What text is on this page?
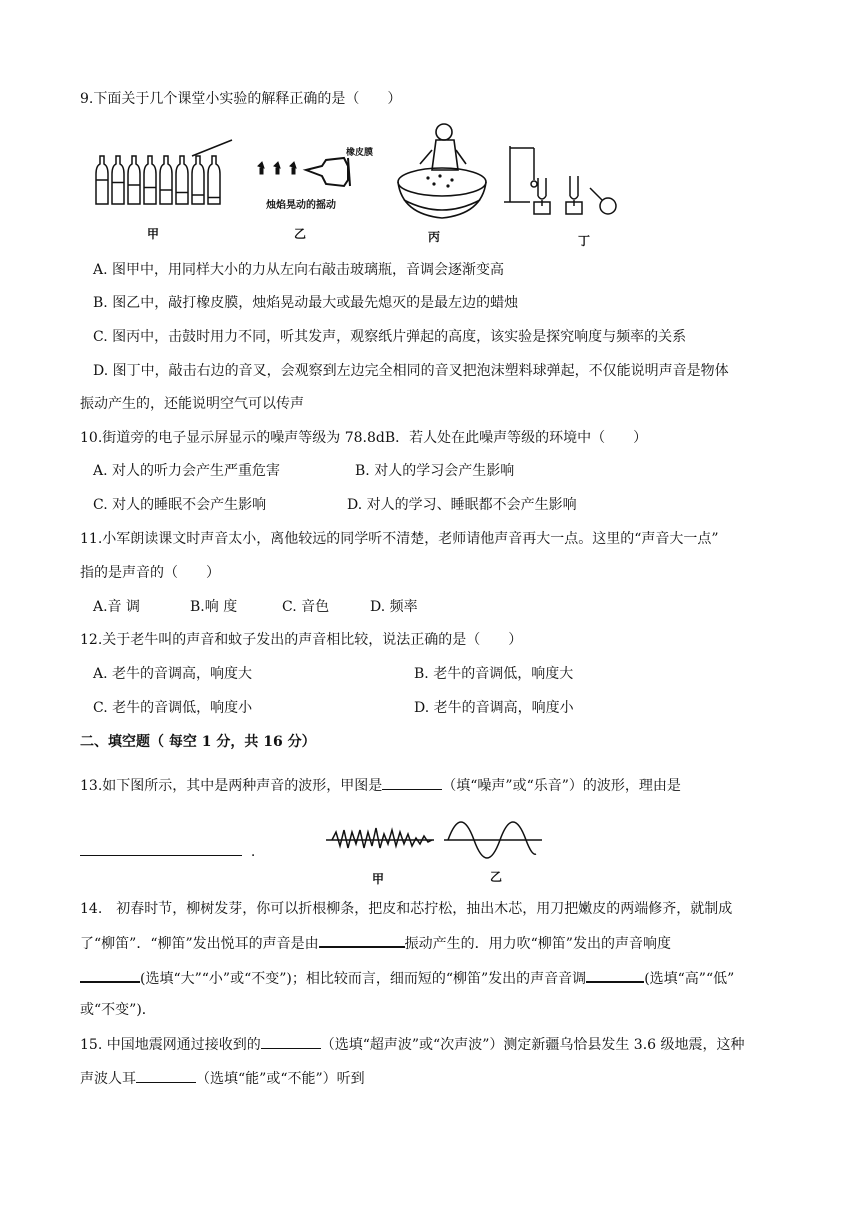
9.下面关于几个课堂小实验的解释正确的是（　　）
甲
橡皮膜
烛焰晃动的摇动
乙	丙	丁
A. 图甲中，用同样大小的力从左向右敲击玻璃瓶，音调会逐渐变高
B. 图乙中，敲打橡皮膜，烛焰晃动最大或最先熄灭的是最左边的蜡烛
C. 图丙中，击鼓时用力不同，听其发声，观察纸片弹起的高度，该实验是探究响度与频率的关系
D. 图丁中，敲击右边的音叉，会观察到左边完全相同的音叉把泡沫塑料球弹起，不仅能说明声音是物体
振动产生的，还能说明空气可以传声
10.街道旁的电子显示屏显示的噪声等级为 78.8dB．若人处在此噪声等级的环境中（　　）
A. 对人的听力会产生严重危害	B. 对人的学习会产生影响
C. 对人的睡眠不会产生影响	D. 对人的学习、睡眠都不会产生影响
11.小军朗读课文时声音太小，离他较远的同学听不清楚，老师请他声音再大一点。这里的“声音大一点”
指的是声音的（　　）
A.音 调	B.响 度	C. 音色	D. 频率
12.关于老牛叫的声音和蚊子发出的声音相比较，说法正确的是（　　）
A. 老牛的音调高，响度大	B. 老牛的音调低，响度大
C. 老牛的音调低，响度小	D. 老牛的音调高，响度小
二、填空题（ 每空 1 分，共 16 分）
13.如下图所示，其中是两种声音的波形，甲图是	（填“噪声”或“乐音”）的波形，理由是
.
甲	乙
14.　初春时节，柳树发芽，你可以折根柳条，把皮和芯拧松，抽出木芯，用刀把嫩皮的两端修齐，就制成
了“柳笛”．“柳笛”发出悦耳的声音是由	振动产生的．用力吹“柳笛”发出的声音响度
(选填“大”“小”或“不变”)；相比较而言，细而短的“柳笛”发出的声音音调	(选填“高”“低”
或“不变”)．
15. 中国地震网通过接收到的	（选填“超声波”或“次声波”）测定新疆乌恰县发生 3.6 级地震，这种
声波人耳	（选填“能”或“不能”）听到
